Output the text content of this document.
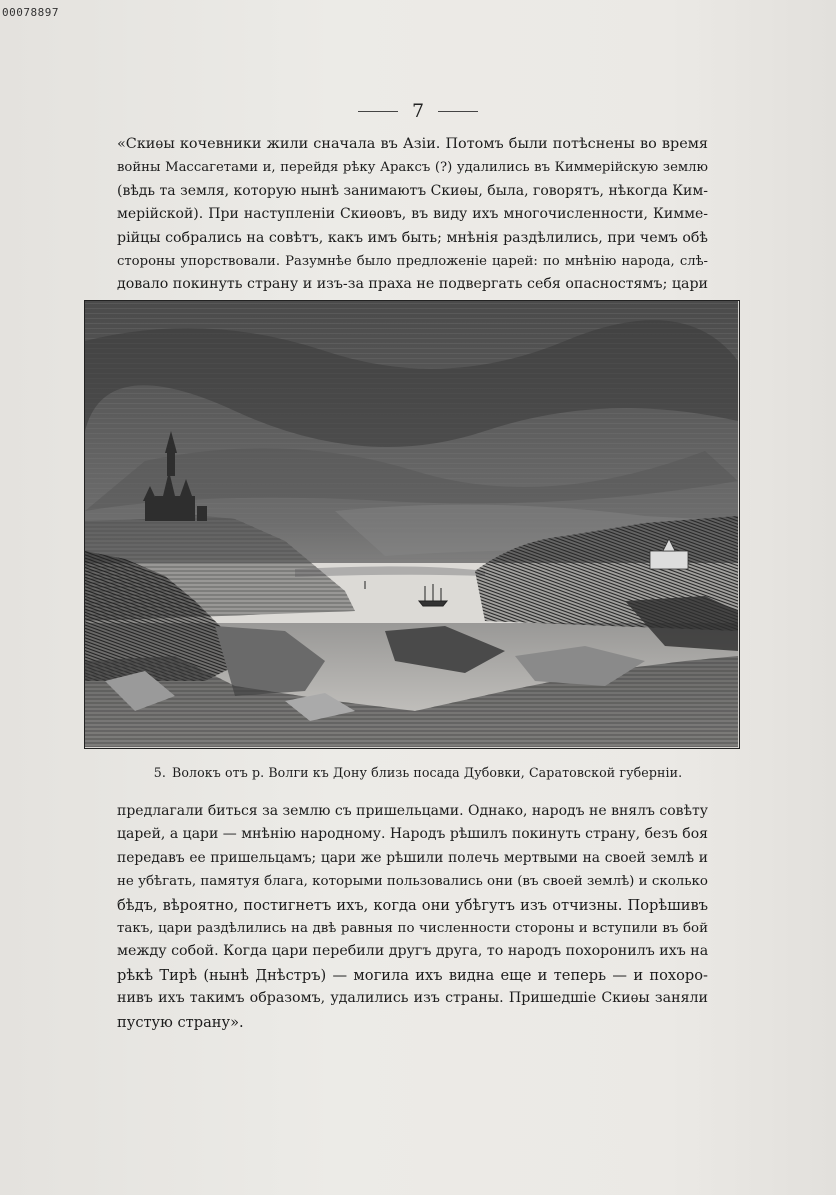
00078897
7
«Скиѳы кочевники жили сначала въ Азіи. Потомъ были потѣснены во время
войны Массагетами и, перейдя рѣку Араксъ (?) удалились въ Киммерійскую землю
(вѣдь та земля, которую нынѣ занимаютъ Скиѳы, была, говорятъ, нѣкогда Ким-
мерійской). При наступленіи Скиѳовъ, въ виду ихъ многочисленности, Киммe-
рійцы собрались на совѣтъ, какъ имъ быть; мнѣнія раздѣлились, при чемъ обѣ
стороны упорствовали. Разумнѣе было предложеніе царей: по мнѣнію народа, слѣ-
довало покинуть страну и изъ-за праха не подвергать себя опасностямъ; цари
5. Волокъ отъ р. Волги къ Дону близь посада Дубовки, Саратовской губерніи.
предлагали биться за землю съ пришельцами. Однако, народъ не внялъ совѣту
царей, а цари — мнѣнію народному. Народъ рѣшилъ покинуть страну, безъ боя
передавъ ее пришельцамъ; цари же рѣшили полечь мертвыми на своей землѣ и
не убѣгать, памятуя блага, которыми пользовались они (въ своей землѣ) и сколько
бѣдъ, вѣроятно, постигнетъ ихъ, когда они убѣгутъ изъ отчизны. Порѣшивъ
такъ, цари раздѣлились на двѣ равныя по численности стороны и вступили въ бой
между собой. Когда цари перебили другъ друга, то народъ похоронилъ ихъ на
рѣкѣ Тирѣ (нынѣ Днѣстръ) — могила ихъ видна еще и теперь — и похоро-
нивъ ихъ такимъ образомъ, удалились изъ страны. Пришедшіе Скиѳы заняли
пустую страну».
